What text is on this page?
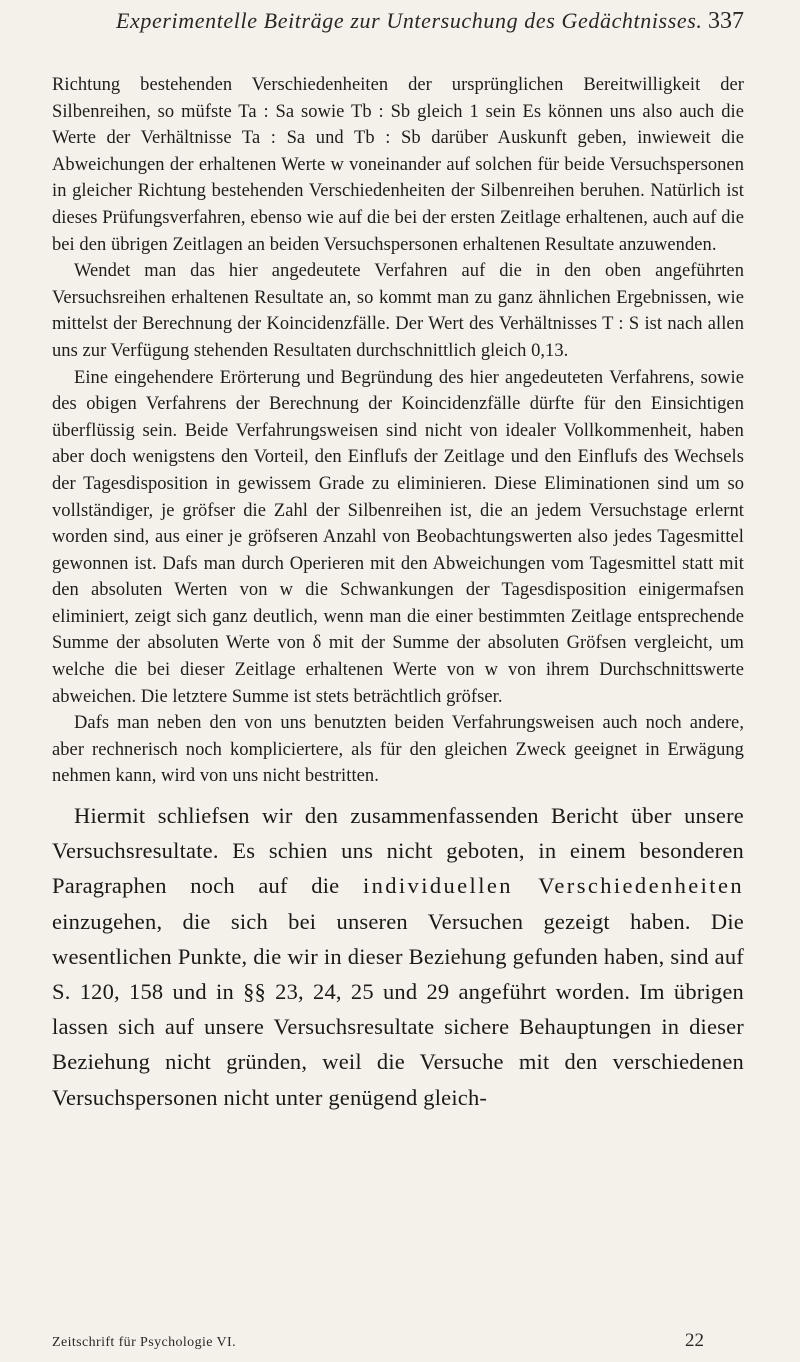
Experimentelle Beiträge zur Untersuchung des Gedächtnisses. 337

Richtung bestehenden Verschiedenheiten der ursprünglichen Bereitwilligkeit der Silbenreihen, so müfste Ta : Sa sowie Tb : Sb gleich 1 sein Es können uns also auch die Werte der Verhältnisse Ta : Sa und Tb : Sb darüber Auskunft geben, inwieweit die Abweichungen der erhaltenen Werte w voneinander auf solchen für beide Versuchspersonen in gleicher Richtung bestehenden Verschiedenheiten der Silbenreihen beruhen. Natürlich ist dieses Prüfungsverfahren, ebenso wie auf die bei der ersten Zeitlage erhaltenen, auch auf die bei den übrigen Zeitlagen an beiden Versuchspersonen erhaltenen Resultate anzuwenden.

Wendet man das hier angedeutete Verfahren auf die in den oben angeführten Versuchsreihen erhaltenen Resultate an, so kommt man zu ganz ähnlichen Ergebnissen, wie mittelst der Berechnung der Koincidenzfälle. Der Wert des Verhältnisses T : S ist nach allen uns zur Verfügung stehenden Resultaten durchschnittlich gleich 0,13.

Eine eingehendere Erörterung und Begründung des hier angedeuteten Verfahrens, sowie des obigen Verfahrens der Berechnung der Koincidenzfälle dürfte für den Einsichtigen überflüssig sein. Beide Verfahrungsweisen sind nicht von idealer Vollkommenheit, haben aber doch wenigstens den Vorteil, den Einflufs der Zeitlage und den Einflufs des Wechsels der Tagesdisposition in gewissem Grade zu eliminieren. Diese Eliminationen sind um so vollständiger, je gröfser die Zahl der Silbenreihen ist, die an jedem Versuchstage erlernt worden sind, aus einer je gröfseren Anzahl von Beobachtungswerten also jedes Tagesmittel gewonnen ist. Dafs man durch Operieren mit den Abweichungen vom Tagesmittel statt mit den absoluten Werten von w die Schwankungen der Tagesdisposition einigermafsen eliminiert, zeigt sich ganz deutlich, wenn man die einer bestimmten Zeitlage entsprechende Summe der absoluten Werte von δ mit der Summe der absoluten Gröfsen vergleicht, um welche die bei dieser Zeitlage erhaltenen Werte von w von ihrem Durchschnittswerte abweichen. Die letztere Summe ist stets beträchtlich gröfser.

Dafs man neben den von uns benutzten beiden Verfahrungsweisen auch noch andere, aber rechnerisch noch kompliciertere, als für den gleichen Zweck geeignet in Erwägung nehmen kann, wird von uns nicht bestritten.

Hiermit schliefsen wir den zusammenfassenden Bericht über unsere Versuchsresultate. Es schien uns nicht geboten, in einem besonderen Paragraphen noch auf die individuellen Verschiedenheiten einzugehen, die sich bei unseren Versuchen gezeigt haben. Die wesentlichen Punkte, die wir in dieser Beziehung gefunden haben, sind auf S. 120, 158 und in §§ 23, 24, 25 und 29 angeführt worden. Im übrigen lassen sich auf unsere Versuchsresultate sichere Behauptungen in dieser Beziehung nicht gründen, weil die Versuche mit den verschiedenen Versuchspersonen nicht unter genügend gleich-

Zeitschrift für Psychologie VI.	22
